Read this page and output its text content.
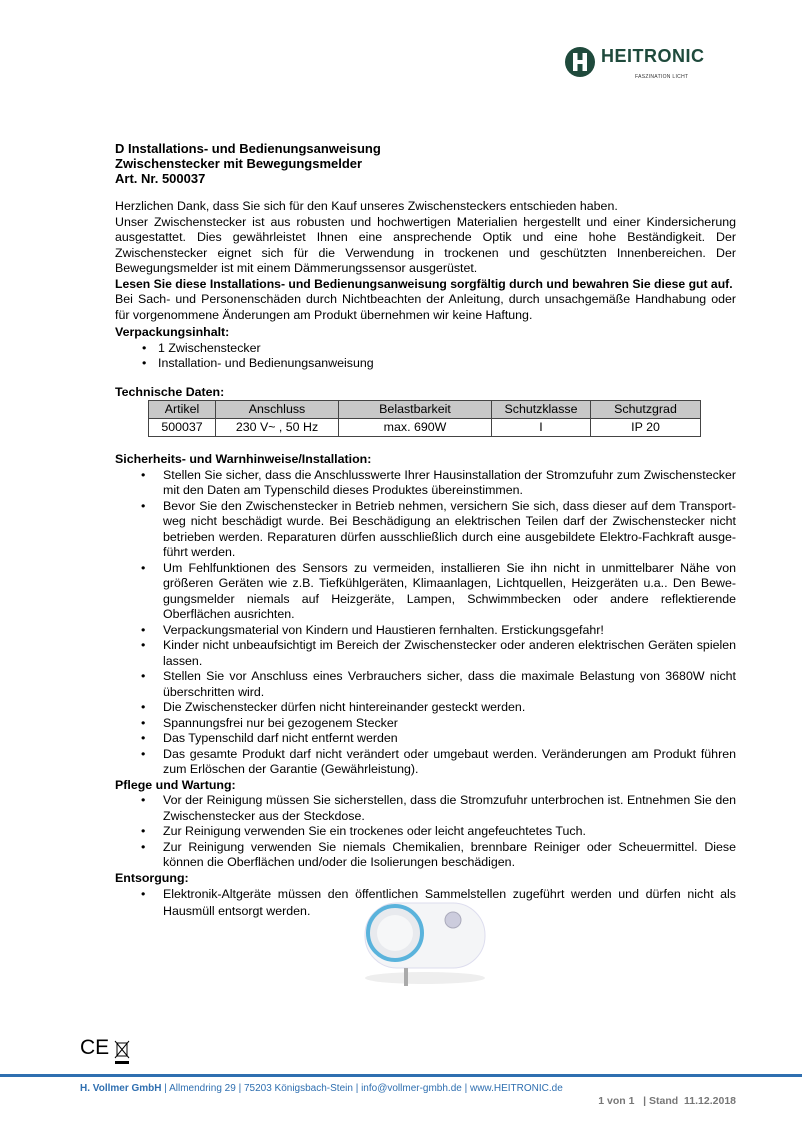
HEITRONIC
FASZINATION LICHT
D Installations- und Bedienungsanweisung
Zwischenstecker mit Bewegungsmelder
Art. Nr. 500037
Herzlichen Dank, dass Sie sich für den Kauf unseres Zwischensteckers entschieden haben.
Unser Zwischenstecker ist aus robusten und hochwertigen Materialien hergestellt und einer Kindersicherung ausgestattet. Dies gewährleistet Ihnen eine ansprechende Optik und eine hohe Beständigkeit. Der Zwischenstecker eignet sich für die Verwendung in trockenen und geschützten Innenbereichen. Der Bewegungsmelder ist mit einem Dämmerungssensor ausgerüstet.
Lesen Sie diese Installations- und Bedienungsanweisung sorgfältig durch und bewahren Sie diese gut auf.
Bei Sach- und Personenschäden durch Nichtbeachten der Anleitung, durch unsachgemäße Handhabung oder für vorgenommene Änderungen am Produkt übernehmen wir keine Haftung.
Verpackungsinhalt:
• 1 Zwischenstecker
• Installation- und Bedienungsanweisung
Technische Daten:
Artikel	Anschluss	Belastbarkeit	Schutzklasse	Schutzgrad
500037	230 V~ , 50 Hz	max. 690W	I	IP 20
Sicherheits- und Warnhinweise/Installation:
• Stellen Sie sicher, dass die Anschlusswerte Ihrer Hausinstallation der Stromzufuhr zum Zwischenstecker mit den Daten am Typenschild dieses Produktes übereinstimmen.
• Bevor Sie den Zwischenstecker in Betrieb nehmen, versichern Sie sich, dass dieser auf dem Transport-weg nicht beschädigt wurde. Bei Beschädigung an elektrischen Teilen darf der Zwischenstecker nicht betrieben werden. Reparaturen dürfen ausschließlich durch eine ausgebildete Elektro-Fachkraft ausge-führt werden.
• Um Fehlfunktionen des Sensors zu vermeiden, installieren Sie ihn nicht in unmittelbarer Nähe von größeren Geräten wie z.B. Tiefkühlgeräten, Klimaanlagen, Lichtquellen, Heizgeräten u.a.. Den Bewe-gungsmelder niemals auf Heizgeräte, Lampen, Schwimmbecken oder andere reflektierende Oberflächen ausrichten.
• Verpackungsmaterial von Kindern und Haustieren fernhalten. Erstickungsgefahr!
• Kinder nicht unbeaufsichtigt im Bereich der Zwischenstecker oder anderen elektrischen Geräten spielen lassen.
• Stellen Sie vor Anschluss eines Verbrauchers sicher, dass die maximale Belastung von 3680W nicht überschritten wird.
• Die Zwischenstecker dürfen nicht hintereinander gesteckt werden.
• Spannungsfrei nur bei gezogenem Stecker
• Das Typenschild darf nicht entfernt werden
• Das gesamte Produkt darf nicht verändert oder umgebaut werden. Veränderungen am Produkt führen zum Erlöschen der Garantie (Gewährleistung).
Pflege und Wartung:
• Vor der Reinigung müssen Sie sicherstellen, dass die Stromzufuhr unterbrochen ist. Entnehmen Sie den Zwischenstecker aus der Steckdose.
• Zur Reinigung verwenden Sie ein trockenes oder leicht angefeuchtetes Tuch.
• Zur Reinigung verwenden Sie niemals Chemikalien, brennbare Reiniger oder Scheuermittel. Diese können die Oberflächen und/oder die Isolierungen beschädigen.
Entsorgung:
• Elektronik-Altgeräte müssen den öffentlichen Sammelstellen zugeführt werden und dürfen nicht als Hausmüll entsorgt werden.
CE
H. Vollmer GmbH | Allmendring 29 | 75203 Königsbach-Stein | info@vollmer-gmbh.de | www.HEITRONIC.de
1 von 1   | Stand  11.12.2018
